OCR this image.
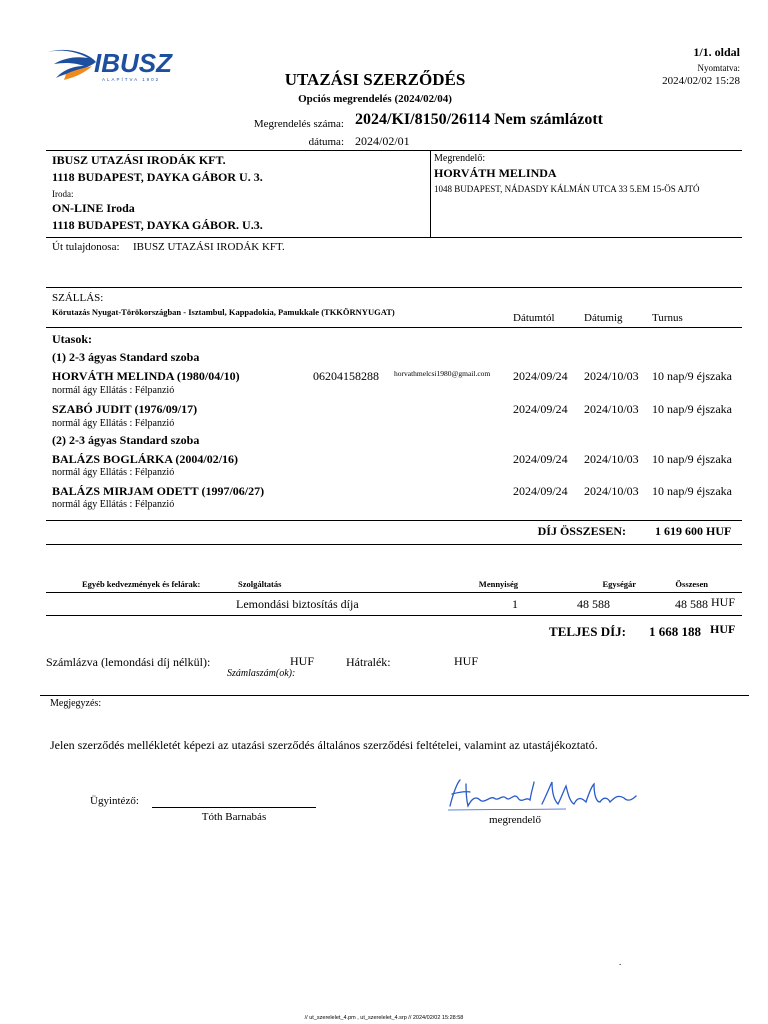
IBUSZ
ALAPÍTVA 1902
1/1. oldal
Nyomtatva:
2024/02/02 15:28
UTAZÁSI SZERZŐDÉS
Opciós megrendelés (2024/02/04)
Megrendelés száma: 2024/KI/8150/26114 Nem számlázott
dátuma: 2024/02/01
IBUSZ UTAZÁSI IRODÁK KFT.
1118 BUDAPEST, DAYKA GÁBOR U. 3.
Iroda:
ON-LINE Iroda
1118 BUDAPEST, DAYKA GÁBOR. U.3.
Megrendelő:
HORVÁTH MELINDA
1048 BUDAPEST, NÁDASDY KÁLMÁN UTCA 33 5.EM 15-ÖS AJTÓ
Út tulajdonosa: IBUSZ UTAZÁSI IRODÁK KFT.
SZÁLLÁS:
Körutazás Nyugat-Törökországban - Isztambul, Kappadokia, Pamukkale (TKKÖRNYUGAT)	Dátumtól	Dátumig	Turnus
Utasok:
(1) 2-3 ágyas Standard szoba
HORVÁTH MELINDA (1980/04/10)	06204158288 horvathmelcsi1980@gmail.com 2024/09/24 2024/10/03 10 nap/9 éjszaka
normál ágy Ellátás : Félpanzió
SZABÓ JUDIT (1976/09/17)	2024/09/24 2024/10/03 10 nap/9 éjszaka
normál ágy Ellátás : Félpanzió
(2) 2-3 ágyas Standard szoba
BALÁZS BOGLÁRKA (2004/02/16)	2024/09/24 2024/10/03 10 nap/9 éjszaka
normál ágy Ellátás : Félpanzió
BALÁZS MIRJAM ODETT (1997/06/27)	2024/09/24 2024/10/03 10 nap/9 éjszaka
normál ágy Ellátás : Félpanzió
DÍJ ÖSSZESEN: 1 619 600 HUF
Egyéb kedvezmények és felárak:	Szolgáltatás	Mennyiség	Egységár	Összesen
Lemondási biztosítás díja	1	48 588	48 588 HUF
TELJES DÍJ: 1 668 188 HUF
Számlázva (lemondási díj nélkül):	HUF
Számlaszám(ok):
Hátralék:	HUF
Megjegyzés:
Jelen szerződés mellékletét képezi az utazási szerződés általános szerződési feltételei, valamint az utastájékoztató.
Ügyintéző:
Tóth Barnabás	megrendelő
.
// ut_szerelelet_4.pm , ut_szerelelet_4.srp // 2024/02/02 15:28:58
